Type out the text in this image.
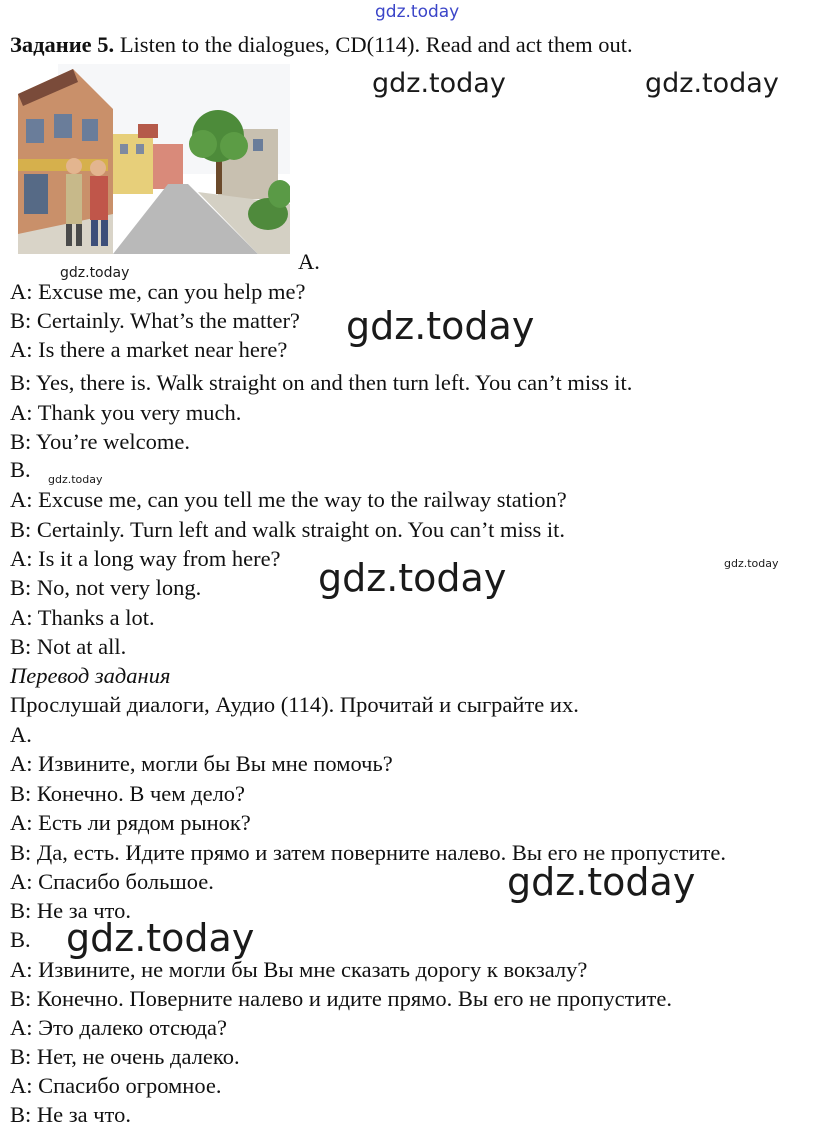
gdz.today
gdz.today	gdz.today
gdz.today
gdz.today
gdz.today
gdz.today
gdz.today
gdz.today
gdz.today
Задание 5. Listen to the dialogues, CD(114). Read and act them out.
A.
A: Excuse me, can you help me?
B: Certainly. What’s the matter?
A: Is there a market near here?
B: Yes, there is. Walk straight on and then turn left. You can’t miss it.
A: Thank you very much.
B: You’re welcome.
B.
A: Excuse me, can you tell me the way to the railway station?
B: Certainly. Turn left and walk straight on. You can’t miss it.
A: Is it a long way from here?
B: No, not very long.
A: Thanks a lot.
B: Not at all.
Перевод задания
Прослушай диалоги, Аудио (114). Прочитай и сыграйте их.
A.
A: Извините, могли бы Вы мне помочь?
B: Конечно. В чем дело?
A: Есть ли рядом рынок?
B: Да, есть. Идите прямо и затем поверните налево. Вы его не пропустите.
A: Спасибо большое.
B: Не за что.
B.
A: Извините, не могли бы Вы мне сказать дорогу к вокзалу?
B: Конечно. Поверните налево и идите прямо. Вы его не пропустите.
A: Это далеко отсюда?
B: Нет, не очень далеко.
A: Спасибо огромное.
B: Не за что.
